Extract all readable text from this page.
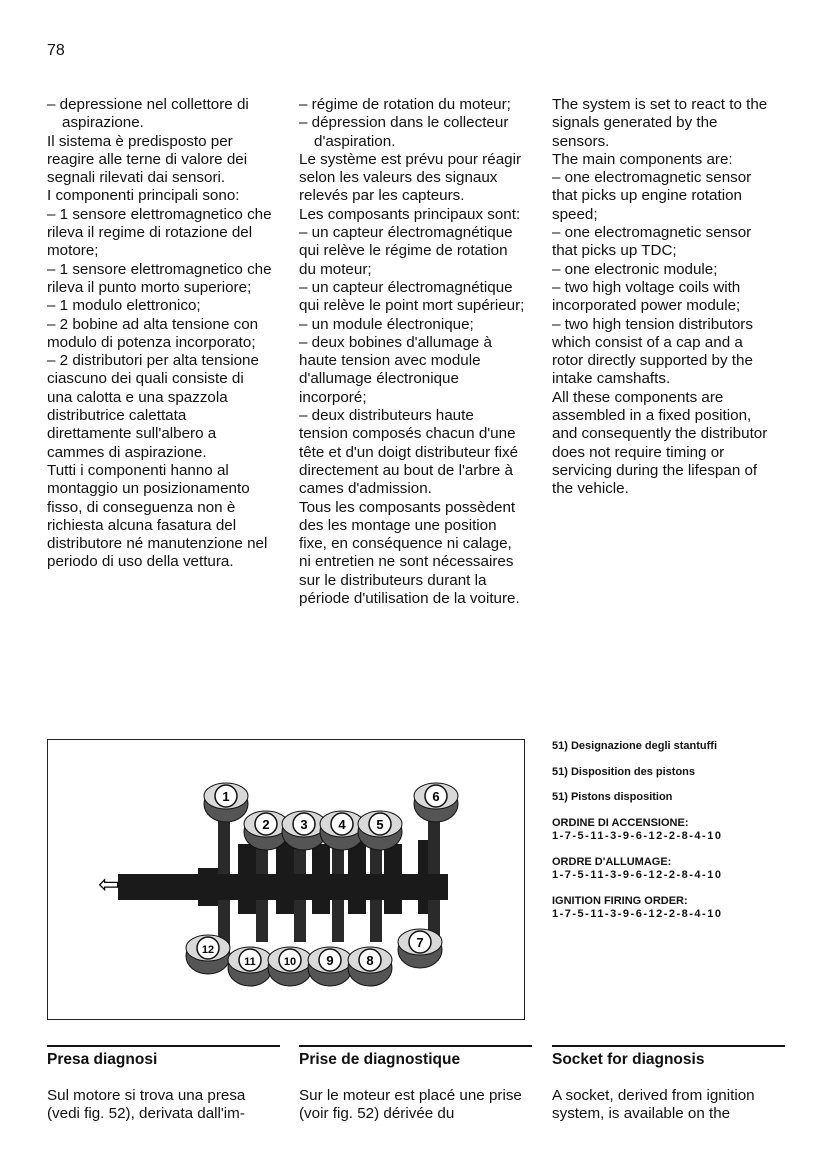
78

– depressione nel collettore di aspirazione.

Il sistema è predisposto per reagire alle terne di valore dei segnali rilevati dai sensori.

I componenti principali sono:

– 1 sensore elettromagnetico che rileva il regime di rotazione del motore;

– 1 sensore elettromagnetico che rileva il punto morto superiore;

– 1 modulo elettronico;

– 2 bobine ad alta tensione con modulo di potenza incorporato;

– 2 distributori per alta tensione ciascuno dei quali consiste di una calotta e una spazzola distributrice calettata direttamente sull'albero a cammes di aspirazione.

Tutti i componenti hanno al montaggio un posizionamento fisso, di conseguenza non è richiesta alcuna fasatura del distributore né manutenzione nel periodo di uso della vettura.

– régime de rotation du moteur;

– dépression dans le collecteur d'aspiration.

Le système est prévu pour réagir selon les valeurs des signaux relevés par les capteurs.

Les composants principaux sont:

– un capteur électromagnétique qui relève le régime de rotation du moteur;

– un capteur électromagnétique qui relève le point mort supérieur;

– un module électronique;

– deux bobines d'allumage à haute tension avec module d'allumage électronique incorporé;

– deux distributeurs haute tension composés chacun d'une tête et d'un doigt distributeur fixé directement au bout de l'arbre à cames d'admission.

Tous les composants possèdent des les montage une position fixe, en conséquence ni calage, ni entretien ne sont nécessaires sur le distributeurs durant la période d'utilisation de la voiture.

The system is set to react to the signals generated by the sensors.

The main components are:

– one electromagnetic sensor that picks up engine rotation speed;

– one electromagnetic sensor that picks up TDC;

– one electronic module;

– two high voltage coils with incorporated power module;

– two high tension distributors which consist of a cap and a rotor directly supported by the intake camshafts.

All these components are assembled in a fixed position, and consequently the distributor does not require timing or servicing during the lifespan of the vehicle.

⇦
1
2 3 4 5
6
12
11	10 9	8
7

51) Designazione degli stantuffi

51) Disposition des pistons

51) Pistons disposition

ORDINE DI ACCENSIONE:

1-7-5-11-3-9-6-12-2-8-4-10

ORDRE D'ALLUMAGE:

1-7-5-11-3-9-6-12-2-8-4-10

IGNITION FIRING ORDER:

1-7-5-11-3-9-6-12-2-8-4-10

Presa diagnosi	Prise de diagnostique	Socket for diagnosis

Sul motore si trova una presa (vedi fig. 52), derivata dall'im-

Sur le moteur est placé une prise (voir fig. 52) dérivée du

A socket, derived from ignition system, is available on the
